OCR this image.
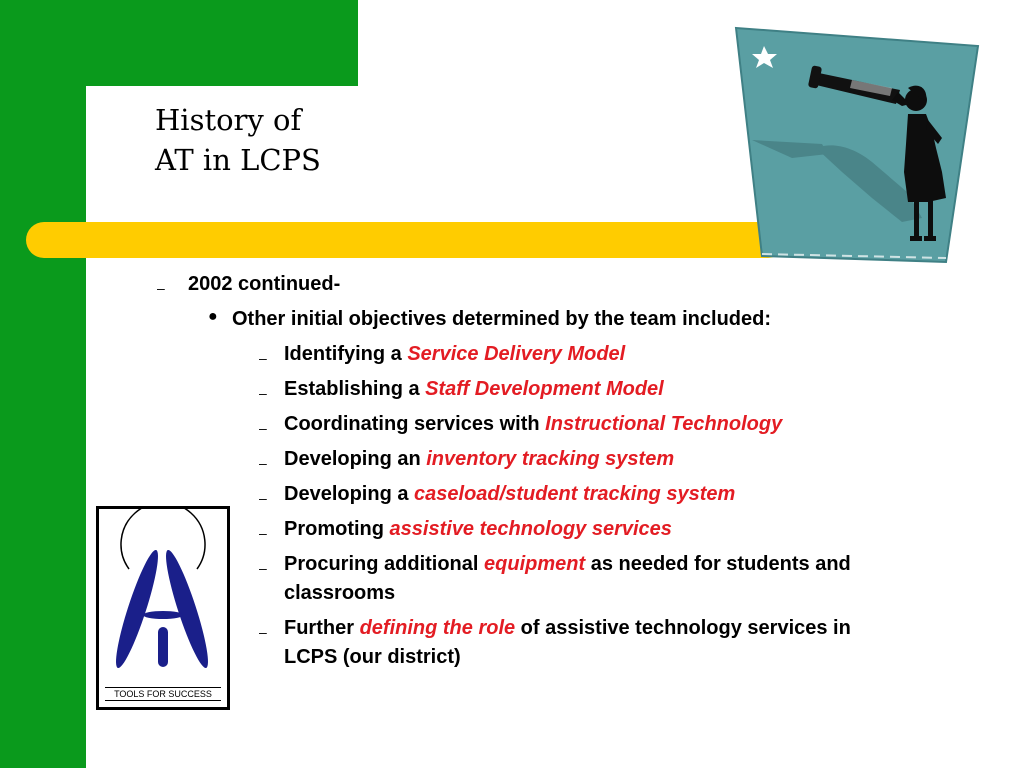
History of
AT in LCPS
– 2002 continued-
● Other initial objectives determined by the team included:
– Identifying a Service Delivery Model
– Establishing a Staff Development Model
– Coordinating services with Instructional Technology
– Developing an inventory tracking system
– Developing a caseload/student tracking system
– Promoting assistive technology services
– Procuring additional equipment as needed for students and
classrooms
– Further defining the role of assistive technology services in
LCPS (our district)
TOOLS FOR SUCCESS
